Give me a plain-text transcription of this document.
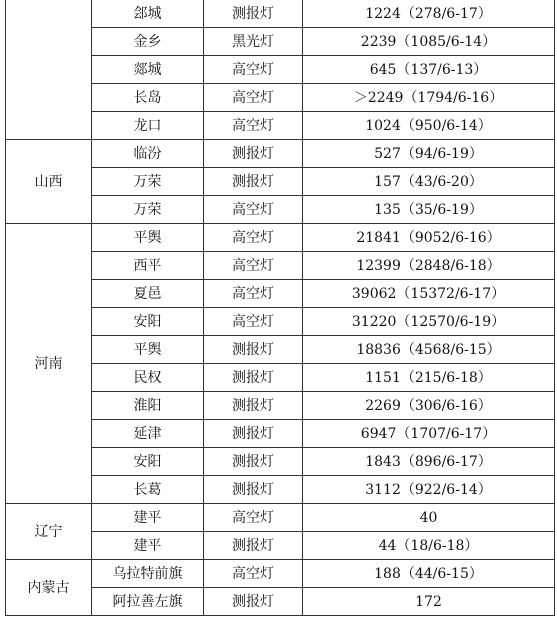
	郐城	测报灯	1224（278/6-17）
	金乡	黑光灯	2239（1085/6-14）
	郯城	高空灯	645（137/6-13）
	长岛	高空灯	＞2249（1794/6-16）
	龙口	高空灯	1024（950/6-14）
山西	临汾	测报灯	527（94/6-19）
	万荣	测报灯	157（43/6-20）
	万荣	高空灯	135（35/6-19）
河南	平舆	高空灯	21841（9052/6-16）
	西平	高空灯	12399（2848/6-18）
	夏邑	高空灯	39062（15372/6-17）
	安阳	高空灯	31220（12570/6-19）
	平舆	测报灯	18836（4568/6-15）
	民权	测报灯	1151（215/6-18）
	淮阳	测报灯	2269（306/6-16）
	延津	测报灯	6947（1707/6-17）
	安阳	测报灯	1843（896/6-17）
	长葛	测报灯	3112（922/6-14）
辽宁	建平	高空灯	40
	建平	测报灯	44（18/6-18）
内蒙古	乌拉特前旗	高空灯	188（44/6-15）
	阿拉善左旗	测报灯	172
